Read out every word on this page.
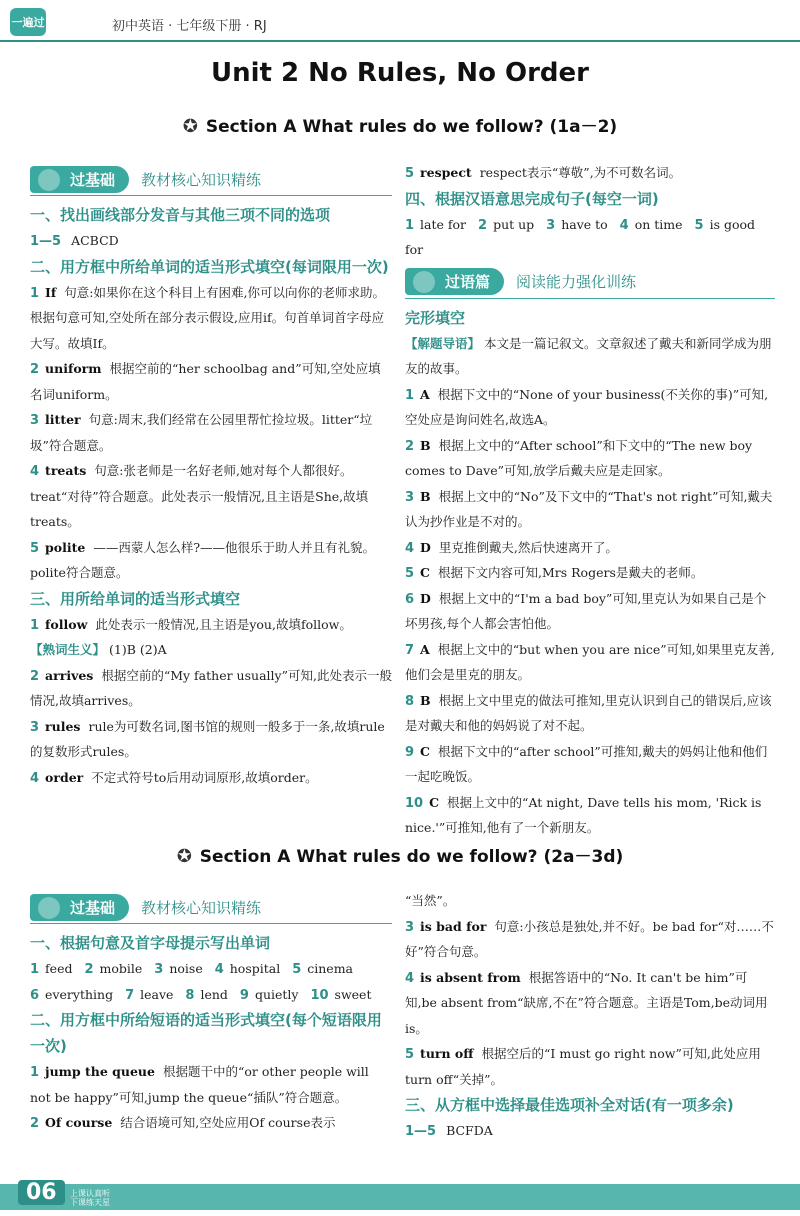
一遍过	初中英语 · 七年级下册 · RJ
Unit 2 No Rules, No Order
✪ Section A What rules do we follow? (1a－2)
过基础	教材核心知识精练
一、找出画线部分发音与其他三项不同的选项
1—5 ACBCD
二、用方框中所给单词的适当形式填空(每词限用一次)
1 If 句意:如果你在这个科目上有困难,你可以向你的老师求助。根据句意可知,空处所在部分表示假设,应用if。句首单词首字母应大写。故填If。
2 uniform 根据空前的“her schoolbag and”可知,空处应填名词uniform。
3 litter 句意:周末,我们经常在公园里帮忙捡垃圾。litter“垃圾”符合题意。
4 treats 句意:张老师是一名好老师,她对每个人都很好。treat“对待”符合题意。此处表示一般情况,且主语是She,故填treats。
5 polite ——西蒙人怎么样?——他很乐于助人并且有礼貌。polite符合题意。
三、用所给单词的适当形式填空
1 follow 此处表示一般情况,且主语是you,故填follow。
【熟词生义】 (1)B (2)A
2 arrives 根据空前的“My father usually”可知,此处表示一般情况,故填arrives。
3 rules rule为可数名词,图书馆的规则一般多于一条,故填rule的复数形式rules。
4 order 不定式符号to后用动词原形,故填order。
5 respect respect表示“尊敬”,为不可数名词。
四、根据汉语意思完成句子(每空一词)
1 late for 2 put up 3 have to 4 on time 5 is good for
过语篇	阅读能力强化训练
完形填空
【解题导语】 本文是一篇记叙文。文章叙述了戴夫和新同学成为朋友的故事。
1 A 根据下文中的“None of your business(不关你的事)”可知,空处应是询问姓名,故选A。
2 B 根据上文中的“After school”和下文中的“The new boy comes to Dave”可知,放学后戴夫应是走回家。
3 B 根据上文中的“No”及下文中的“That's not right”可知,戴夫认为抄作业是不对的。
4 D 里克推倒戴夫,然后快速离开了。
5 C 根据下文内容可知,Mrs Rogers是戴夫的老师。
6 D 根据上文中的“I'm a bad boy”可知,里克认为如果自己是个坏男孩,每个人都会害怕他。
7 A 根据上文中的“but when you are nice”可知,如果里克友善,他们会是里克的朋友。
8 B 根据上文中里克的做法可推知,里克认识到自己的错误后,应该是对戴夫和他的妈妈说了对不起。
9 C 根据下文中的“after school”可推知,戴夫的妈妈让他和他们一起吃晚饭。
10 C 根据上文中的“At night, Dave tells his mom, 'Rick is nice.'”可推知,他有了一个新朋友。
✪ Section A What rules do we follow? (2a－3d)
过基础	教材核心知识精练
一、根据句意及首字母提示写出单词
1 feed 2 mobile 3 noise 4 hospital 5 cinema
6 everything 7 leave 8 lend 9 quietly 10 sweet
二、用方框中所给短语的适当形式填空(每个短语限用一次)
1 jump the queue 根据题干中的“or other people will not be happy”可知,jump the queue“插队”符合题意。
2 Of course 结合语境可知,空处应用Of course表示
“当然”。
3 is bad for 句意:小孩总是独处,并不好。be bad for“对……不好”符合句意。
4 is absent from 根据答语中的“No. It can't be him”可知,be absent from“缺席,不在”符合题意。主语是Tom,be动词用is。
5 turn off 根据空后的“I must go right now”可知,此处应用turn off“关掉”。
三、从方框中选择最佳选项补全对话(有一项多余)
1—5 BCFDA
06	上课认真听
下课练天星
